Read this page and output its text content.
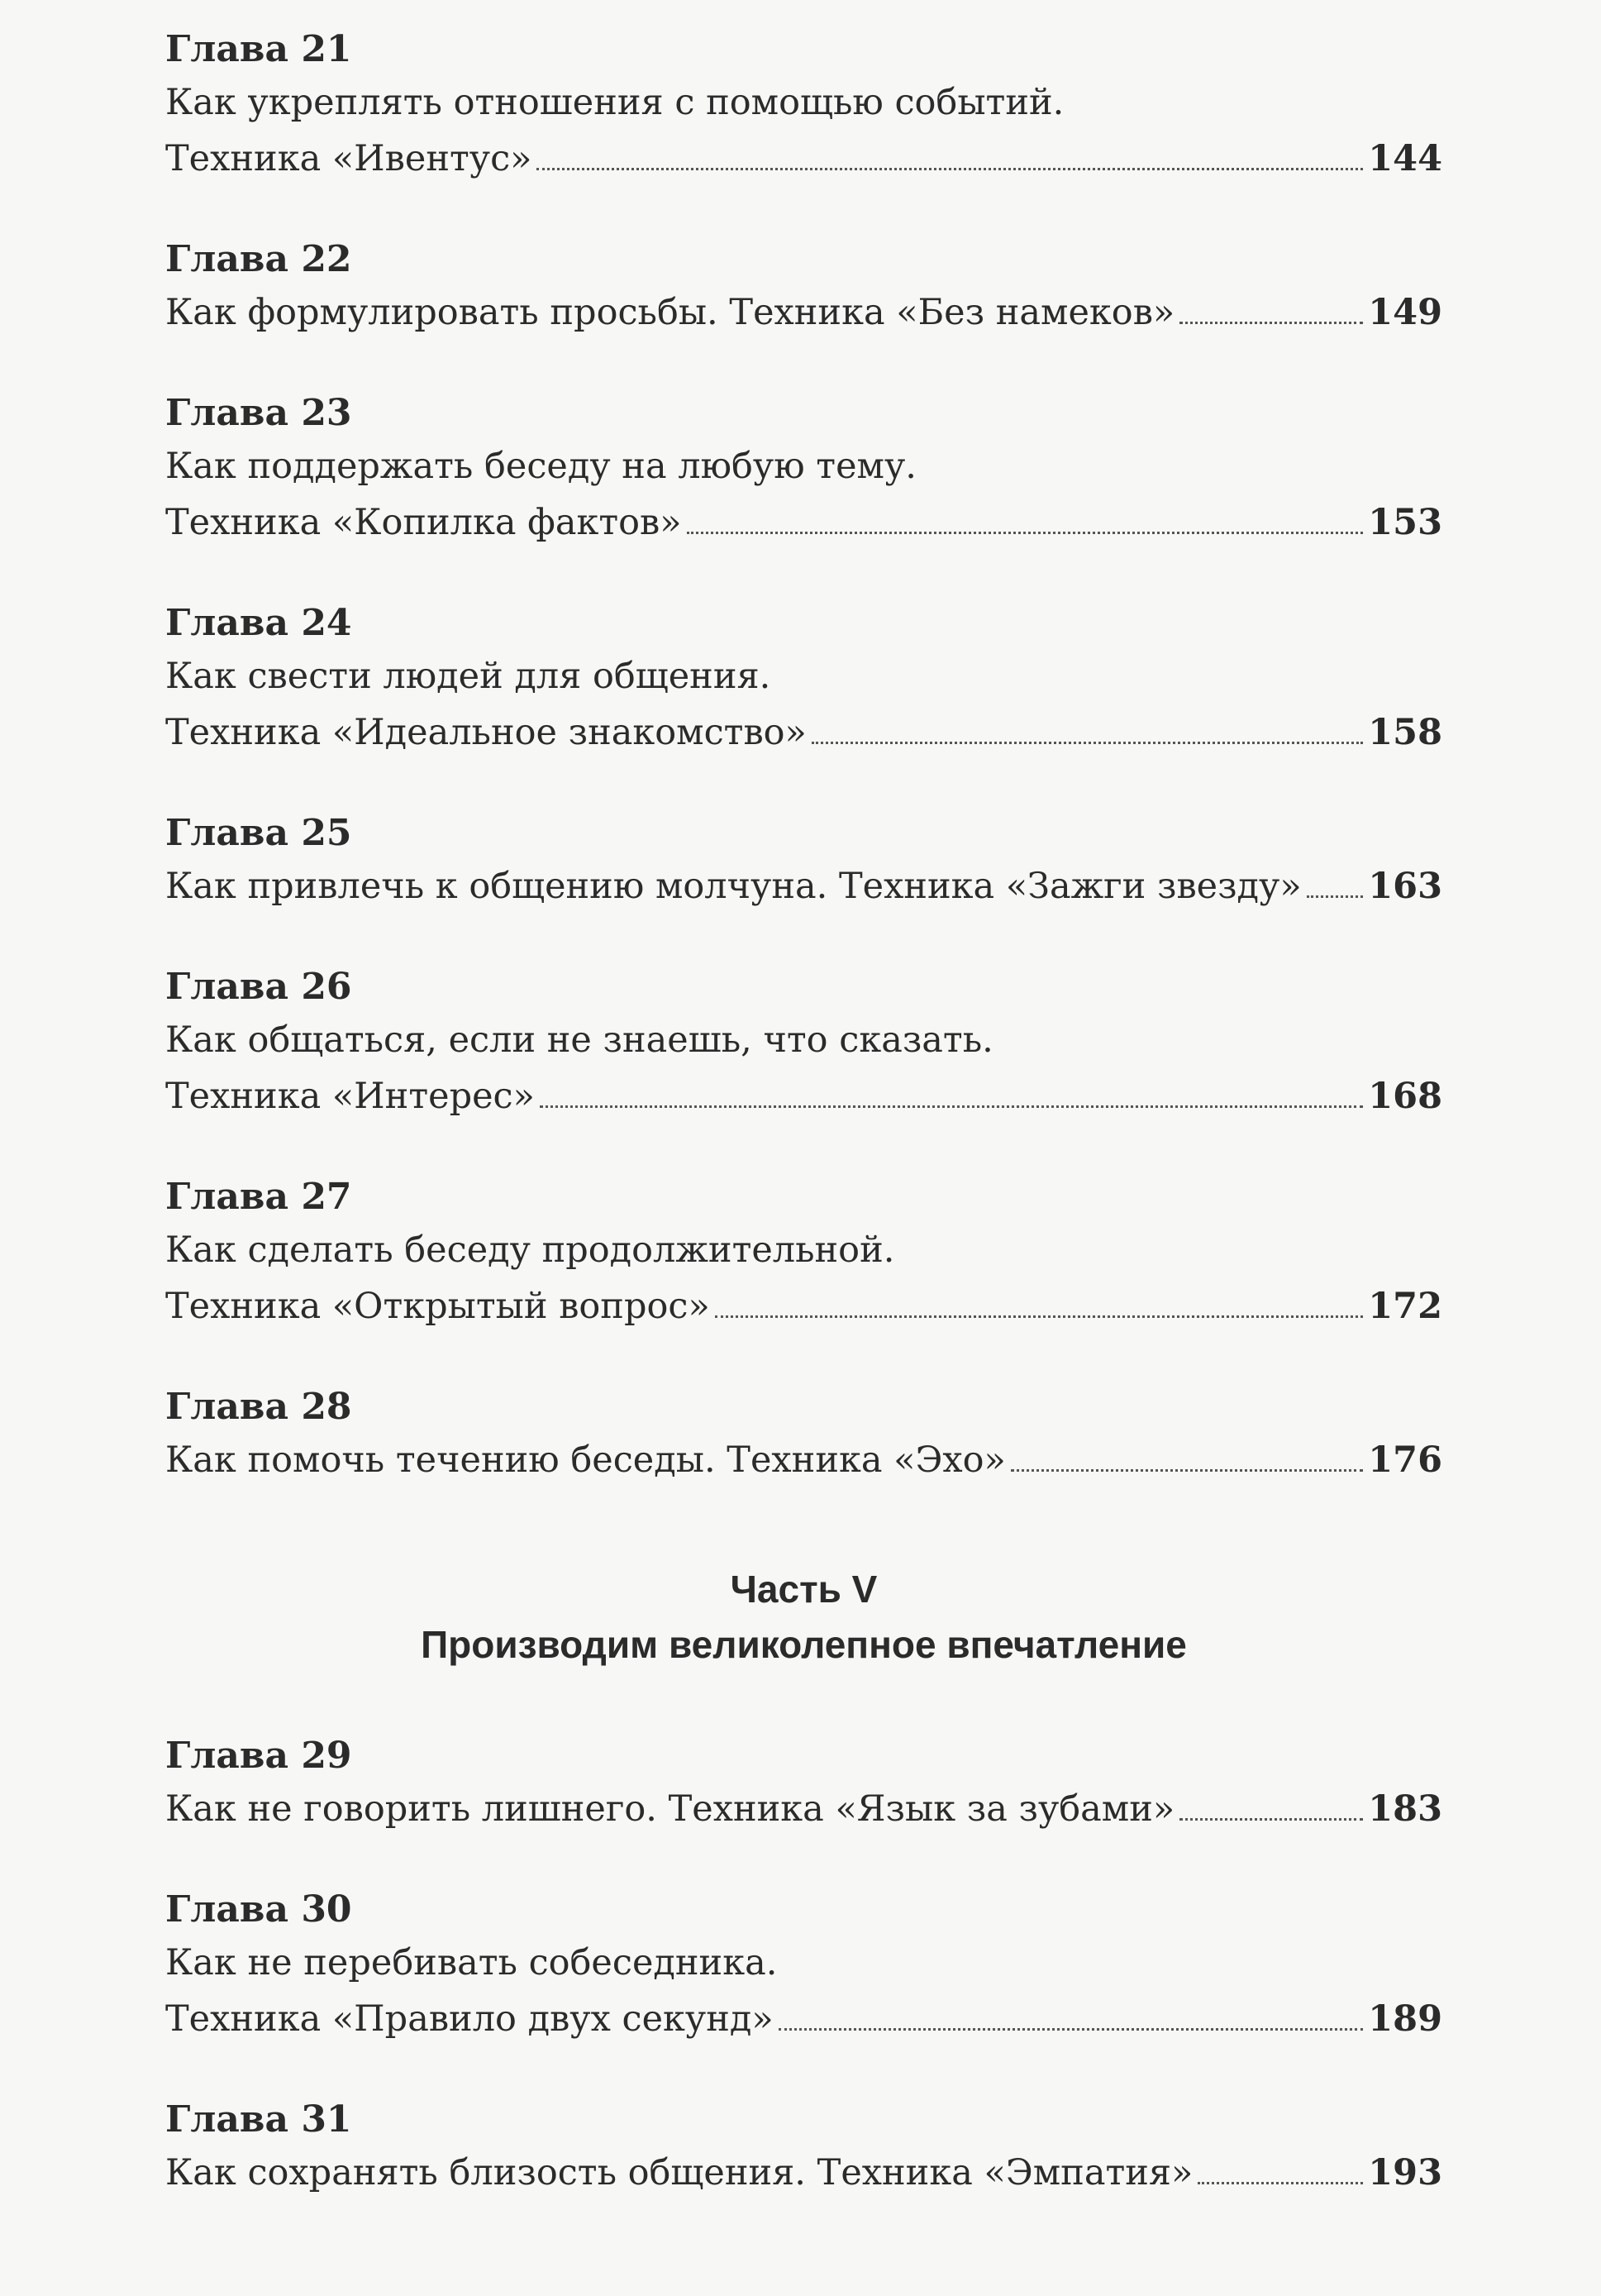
Глава 21
Как укреплять отношения с помощью событий.
Техника «Ивентус»	144
Глава 22
Как формулировать просьбы. Техника «Без намеков»	149
Глава 23
Как поддержать беседу на любую тему.
Техника «Копилка фактов»	153
Глава 24
Как свести людей для общения.
Техника «Идеальное знакомство»	158
Глава 25
Как привлечь к общению молчуна. Техника «Зажги звезду» 163
Глава 26
Как общаться, если не знаешь, что сказать.
Техника «Интерес»	168
Глава 27
Как сделать беседу продолжительной.
Техника «Открытый вопрос»	172
Глава 28
Как помочь течению беседы. Техника «Эхо»	176
Часть V
Производим великолепное впечатление
Глава 29
Как не говорить лишнего. Техника «Язык за зубами»	183
Глава 30
Как не перебивать собеседника.
Техника «Правило двух секунд»	189
Глава 31
Как сохранять близость общения. Техника «Эмпатия»	193
